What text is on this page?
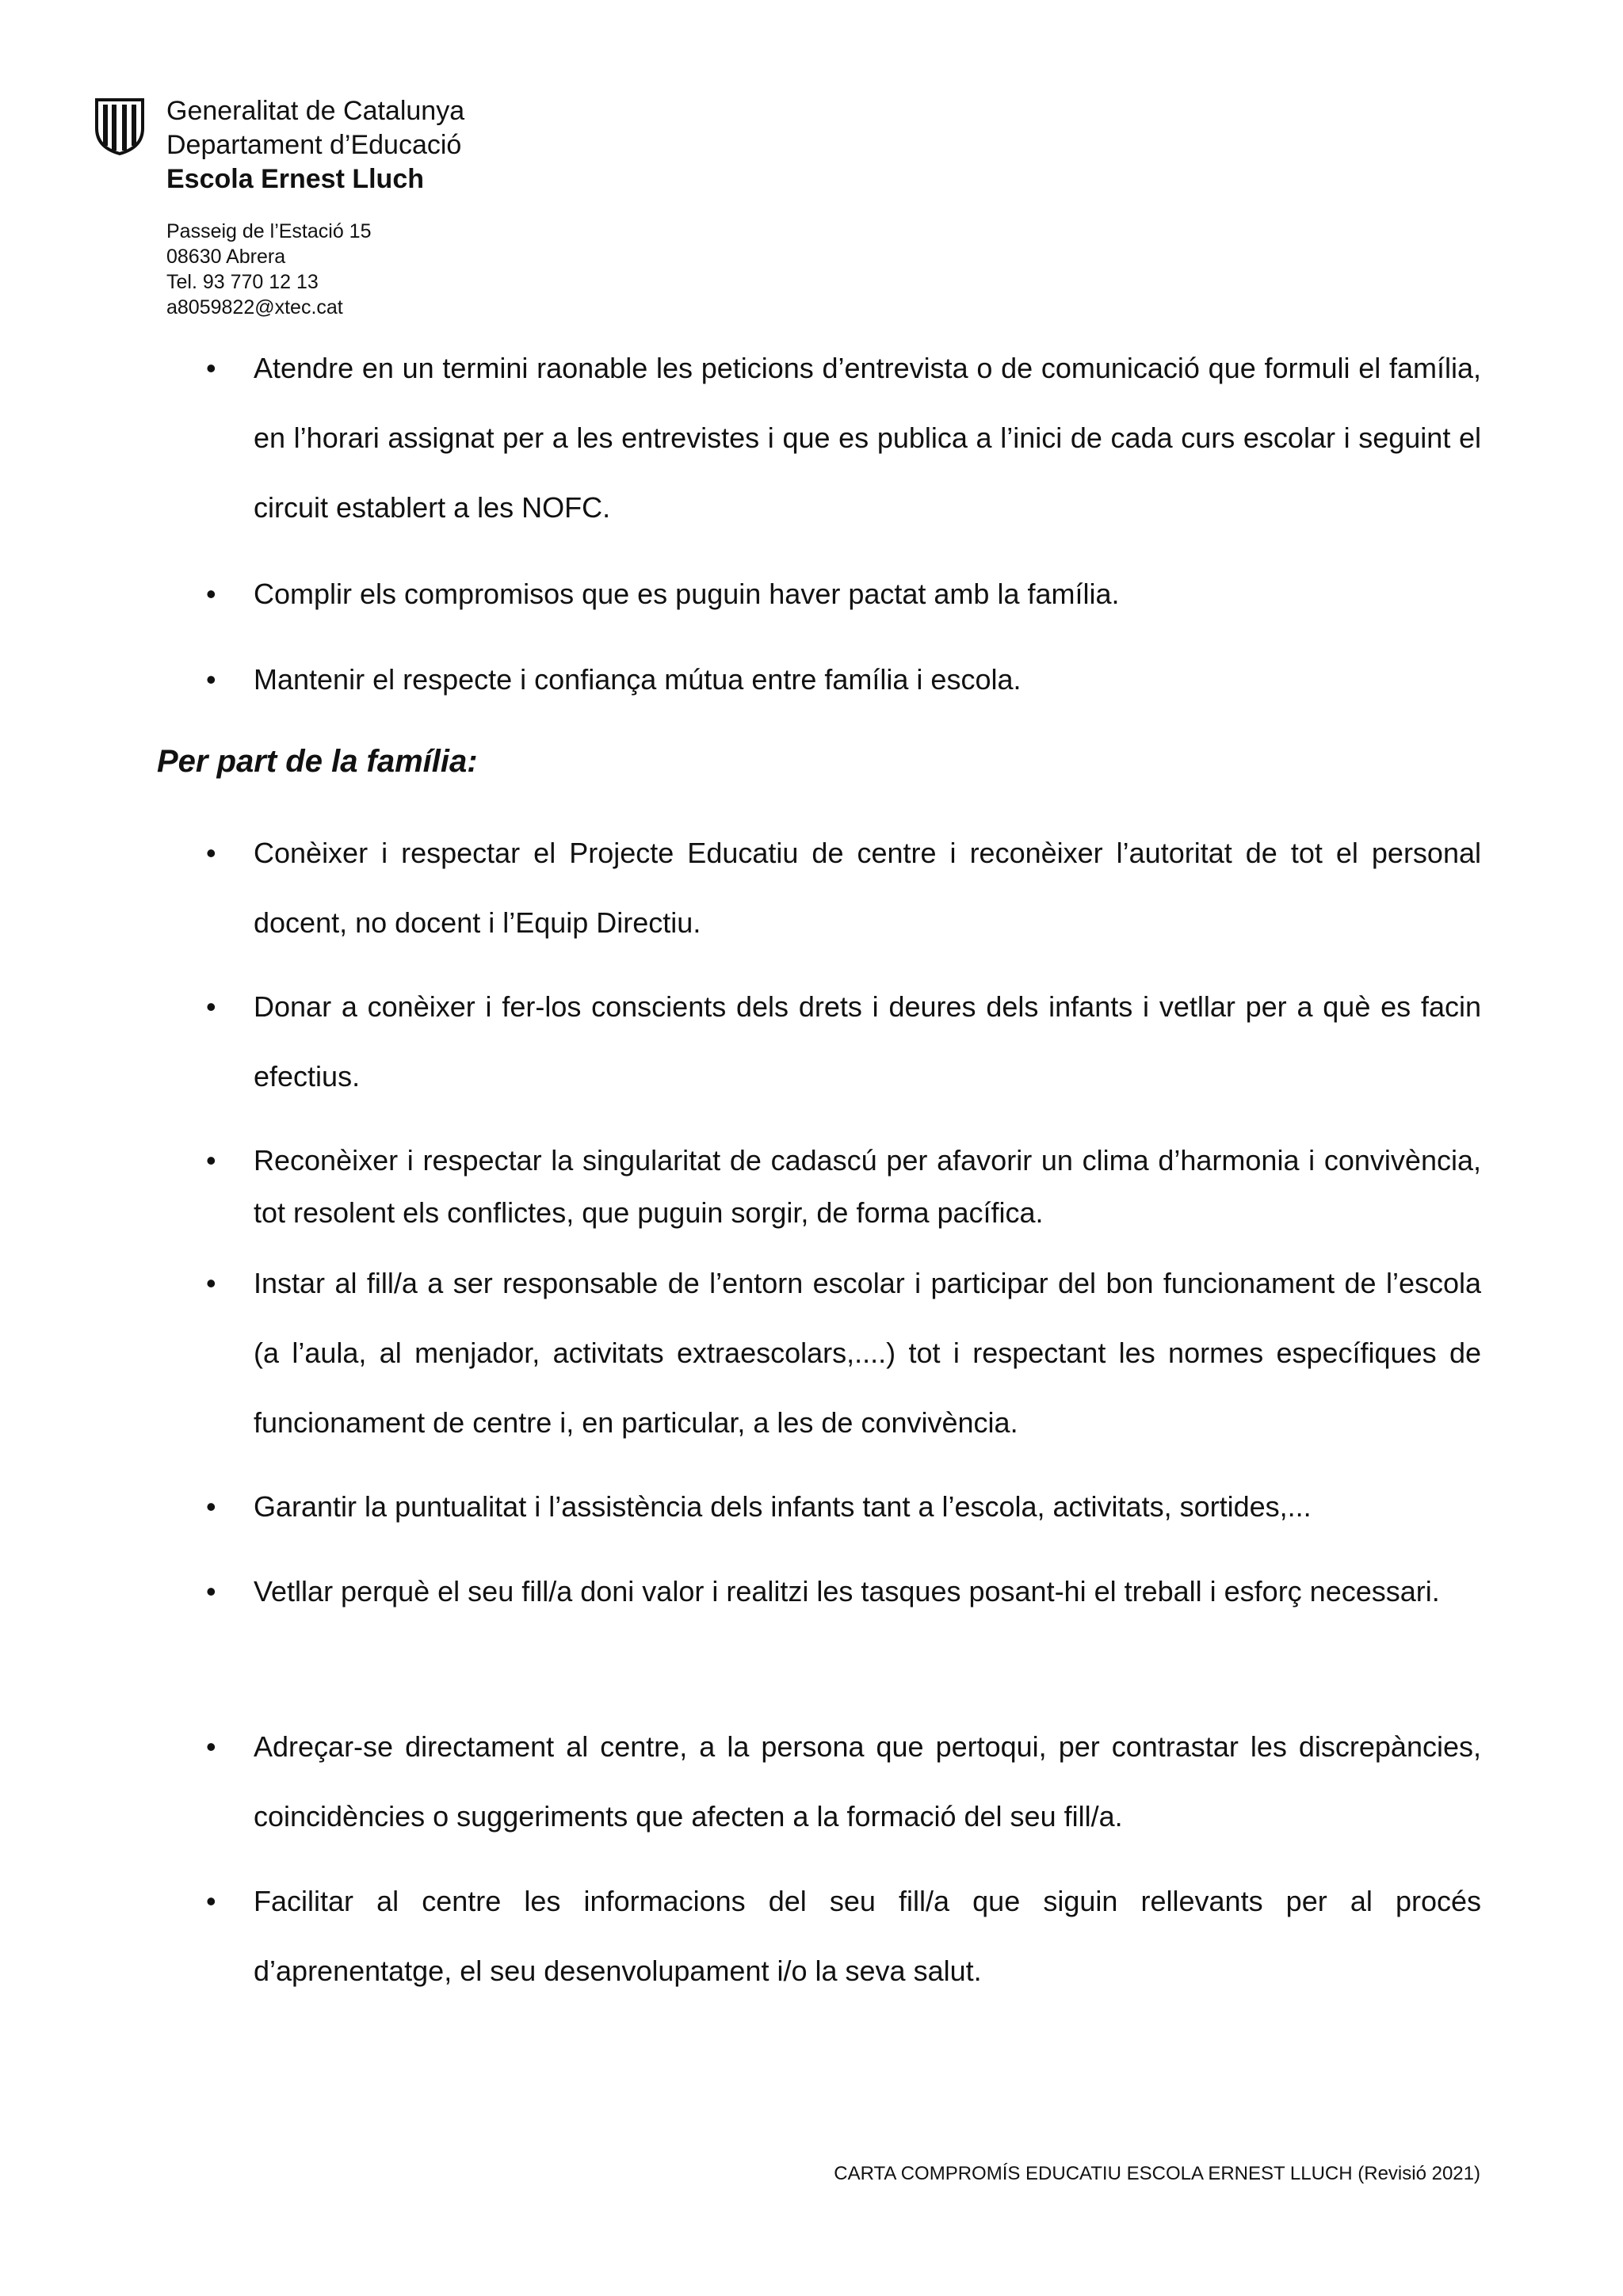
Generalitat de Catalunya
Departament d’Educació
Escola Ernest Lluch
Passeig de l’Estació 15
08630 Abrera
Tel. 93 770 12 13
a8059822@xtec.cat
• Atendre en un termini raonable les peticions d’entrevista o de comunicació que formuli el família, en l’horari assignat per a les entrevistes i que es publica a l’inici de cada curs escolar i seguint el circuit establert a les NOFC.
• Complir els compromisos que es puguin haver pactat amb la família.
• Mantenir el respecte i confiança mútua entre família i escola.
Per part de la família:
• Conèixer i respectar el Projecte Educatiu de centre i reconèixer l’autoritat de tot el personal docent, no docent i l’Equip Directiu.
• Donar a conèixer i fer-los conscients dels drets i deures dels infants i vetllar per a què es facin efectius.
• Reconèixer i respectar la singularitat de cadascú per afavorir un clima d’harmonia i convivència, tot resolent els conflictes, que puguin sorgir, de forma pacífica.
• Instar al fill/a a ser responsable de l’entorn escolar i participar del bon funcionament de l’escola (a l’aula, al menjador, activitats extraescolars,....) tot i respectant les normes específiques de funcionament de centre i, en particular, a les de convivència.
• Garantir la puntualitat i l’assistència dels infants tant a l’escola, activitats, sortides,...
• Vetllar perquè el seu fill/a doni valor i realitzi les tasques posant-hi el treball i esforç necessari.
• Adreçar-se directament al centre, a la persona que pertoqui, per contrastar les discrepàncies, coincidències o suggeriments que afecten a la formació del seu fill/a.
• Facilitar al centre les informacions del seu fill/a que siguin rellevants per al procés d’aprenentatge, el seu desenvolupament i/o la seva salut.
CARTA COMPROMÍS EDUCATIU ESCOLA ERNEST LLUCH (Revisió 2021)
